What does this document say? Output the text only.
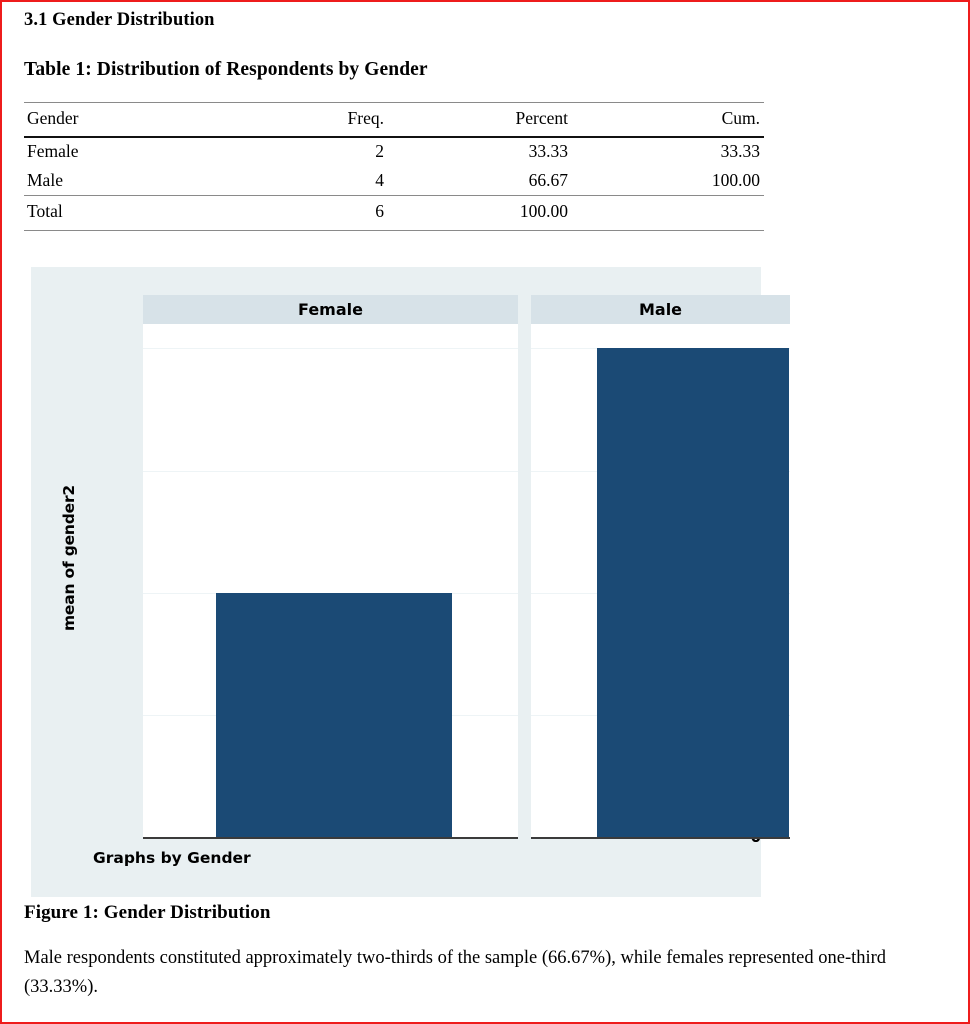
3.1 Gender Distribution
Table 1: Distribution of Respondents by Gender
Gender	Freq.	Percent	Cum.
Female	2	33.33	33.33
Male	4	66.67	100.00
Total	6	100.00	
mean of gender2
Female	Male
Graphs by Gender
Figure 1: Gender Distribution
Male respondents constituted approximately two-thirds of the sample (66.67%), while females represented one-third (33.33%).
